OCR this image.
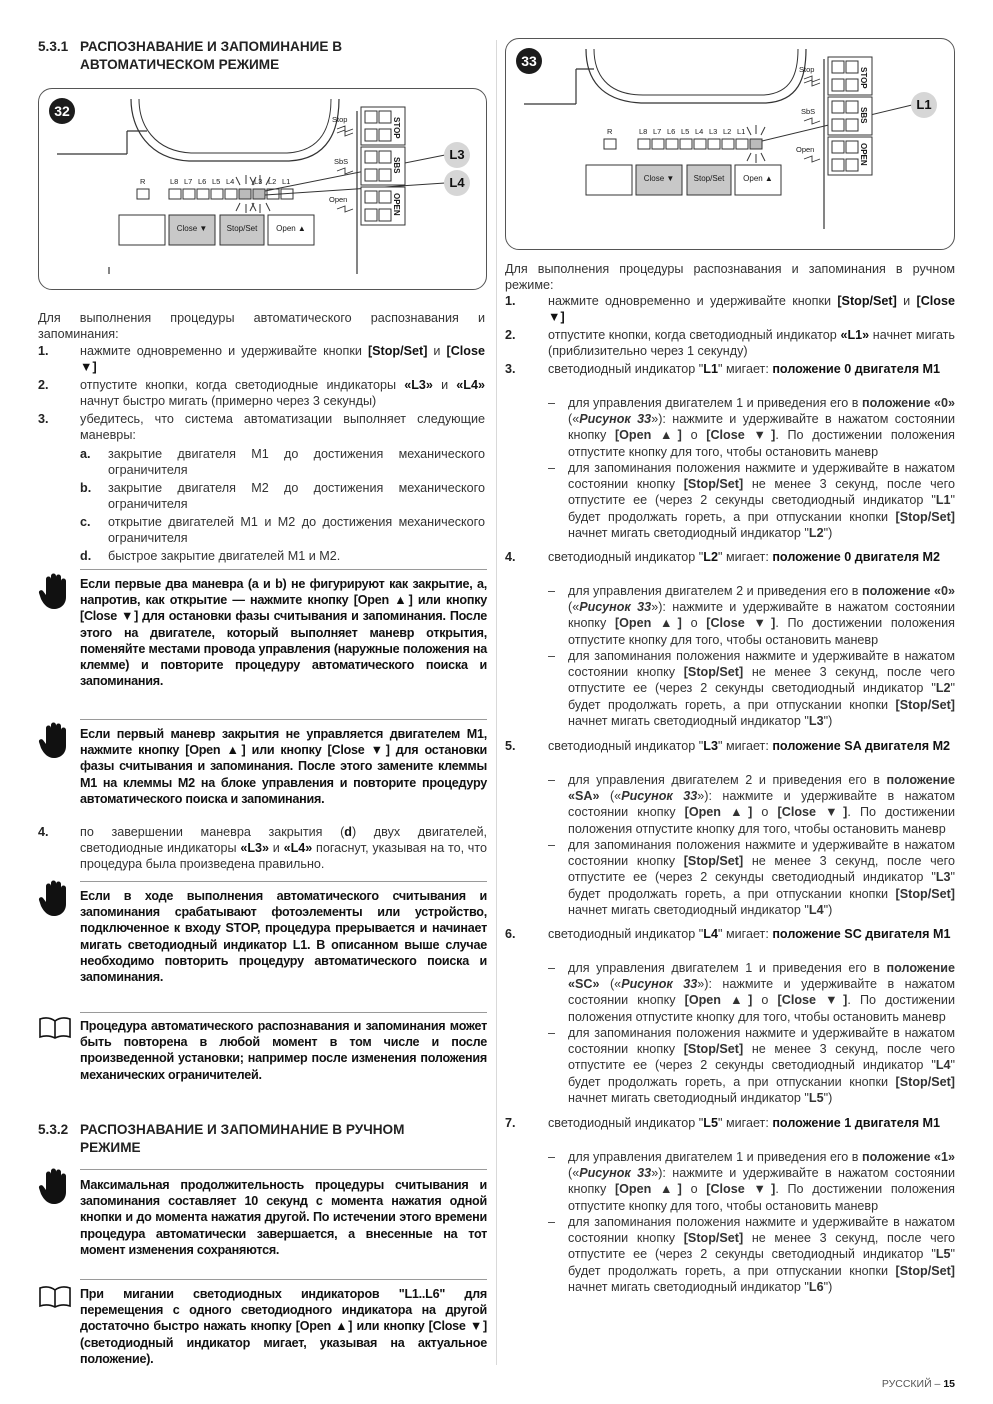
5.3.1 РАСПОЗНАВАНИЕ И ЗАПОМИНАНИЕ В АВТОМАТИЧЕСКОМ РЕЖИМЕ
32
Stop
SbS
Open
STOP
SBS
OPEN
R	L8 L7 L6 L5 L4	L3 L2 L1
Close ▼	Stop/Set	Open ▲
L3
L4
Для выполнения процедуры автоматического распознавания и запоминания:
1. нажмите одновременно и удерживайте кнопки [Stop/Set] и [Close ▼]
2. отпустите кнопки, когда светодиодные индикаторы «L3» и «L4» начнут быстро мигать (примерно через 3 секунды)
3. убедитесь, что система автоматизации выполняет следующие маневры:
a. закрытие двигателя M1 до достижения механического ограничителя
b. закрытие двигателя M2 до достижения механического ограничителя
c. открытие двигателей M1 и M2 до достижения механического ограничителя
d. быстрое закрытие двигателей M1 и M2.
Если первые два маневра (a и b) не фигурируют как закрытие, а, напротив, как открытие — нажмите кнопку [Open ▲] или кнопку [Close ▼] для остановки фазы считывания и запоминания. После этого на двигателе, который выполняет маневр открытия, поменяйте местами провода управления (наружные положения на клемме) и повторите процедуру автоматического поиска и запоминания.
Если первый маневр закрытия не управляется двигателем M1, нажмите кнопку [Open ▲] или кнопку [Close ▼] для остановки фазы считывания и запоминания. После этого замените клеммы M1 на клеммы M2 на блоке управления и повторите процедуру автоматического поиска и запоминания.
4. по завершении маневра закрытия (d) двух двигателей, светодиодные индикаторы «L3» и «L4» погаснут, указывая на то, что процедура была произведена правильно.
Если в ходе выполнения автоматического считывания и запоминания срабатывают фотоэлементы или устройство, подключенное к входу STOP, процедура прерывается и начинает мигать светодиодный индикатор L1. В описанном выше случае необходимо повторить процедуру автоматического поиска и запоминания.
Процедура автоматического распознавания и запоминания может быть повторена в любой момент в том числе и после произведенной установки; например после изменения положения механических ограничителей.
5.3.2 РАСПОЗНАВАНИЕ И ЗАПОМИНАНИЕ В РУЧНОМ РЕЖИМЕ
Максимальная продолжительность процедуры считывания и запоминания составляет 10 секунд с момента нажатия одной кнопки и до момента нажатия другой. По истечении этого времени процедура автоматически завершается, а внесенные на тот момент изменения сохраняются.
При мигании светодиодных индикаторов "L1..L6" для перемещения с одного светодиодного индикатора на другой достаточно быстро нажать кнопку [Open ▲] или кнопку [Close ▼] (светодиодный индикатор мигает, указывая на актуальное положение).
33
Stop
SbS
Open
STOP
SBS
OPEN
R	L8 L7 L6 L5 L4 L3 L2 L1
Close ▼	Stop/Set	Open ▲
L1
Для выполнения процедуры распознавания и запоминания в ручном режиме:
1.	нажмите одновременно и удерживайте кнопки [Stop/Set] и [Close ▼]
2.	отпустите кнопки, когда светодиодный индикатор «L1» начнет мигать (приблизительно через 1 секунду)
3.	светодиодный индикатор "L1" мигает: положение 0 двигателя M1
– для управления двигателем 1 и приведения его в положение «0» («Рисунок 33»): нажмите и удерживайте в нажатом состоянии кнопку [Open ▲] o [Close ▼]. По достижении положения отпустите кнопку для того, чтобы остановить маневр
– для запоминания положения нажмите и удерживайте в нажатом состоянии кнопку [Stop/Set] не менее 3 секунд, после чего отпустите ее (через 2 секунды светодиодный индикатор "L1" будет продолжать гореть, а при отпускании кнопки [Stop/Set] начнет мигать светодиодный индикатор "L2")
4.	светодиодный индикатор "L2" мигает: положение 0 двигателя M2
– для управления двигателем 2 и приведения его в положение «0» («Рисунок 33»): нажмите и удерживайте в нажатом состоянии кнопку [Open ▲] o [Close ▼]. По достижении положения отпустите кнопку для того, чтобы остановить маневр
– для запоминания положения нажмите и удерживайте в нажатом состоянии кнопку [Stop/Set] не менее 3 секунд, после чего отпустите ее (через 2 секунды светодиодный индикатор "L2" будет продолжать гореть, а при отпускании кнопки [Stop/Set] начнет мигать светодиодный индикатор "L3")
5.	светодиодный индикатор "L3" мигает: положение SA двигателя M2
– для управления двигателем 2 и приведения его в положение «SA» («Рисунок 33»): нажмите и удерживайте в нажатом состоянии кнопку [Open ▲] o [Close ▼]. По достижении положения отпустите кнопку для того, чтобы остановить маневр
– для запоминания положения нажмите и удерживайте в нажатом состоянии кнопку [Stop/Set] не менее 3 секунд, после чего отпустите ее (через 2 секунды светодиодный индикатор "L3" будет продолжать гореть, а при отпускании кнопки [Stop/Set] начнет мигать светодиодный индикатор "L4")
6.	светодиодный индикатор "L4" мигает: положение SC двигателя M1
– для управления двигателем 1 и приведения его в положение «SC» («Рисунок 33»): нажмите и удерживайте в нажатом состоянии кнопку [Open ▲] o [Close ▼]. По достижении положения отпустите кнопку для того, чтобы остановить маневр
– для запоминания положения нажмите и удерживайте в нажатом состоянии кнопку [Stop/Set] не менее 3 секунд, после чего отпустите ее (через 2 секунды светодиодный индикатор "L4" будет продолжать гореть, а при отпускании кнопки [Stop/Set] начнет мигать светодиодный индикатор "L5")
7.	светодиодный индикатор "L5" мигает: положение 1 двигателя M1
– для управления двигателем 1 и приведения его в положение «1» («Рисунок 33»): нажмите и удерживайте в нажатом состоянии кнопку [Open ▲] o [Close ▼]. По достижении положения отпустите кнопку для того, чтобы остановить маневр
– для запоминания положения нажмите и удерживайте в нажатом состоянии кнопку [Stop/Set] не менее 3 секунд, после чего отпустите ее (через 2 секунды светодиодный индикатор "L5" будет продолжать гореть, а при отпускании кнопки [Stop/Set] начнет мигать светодиодный индикатор "L6")
РУССКИЙ – 15
